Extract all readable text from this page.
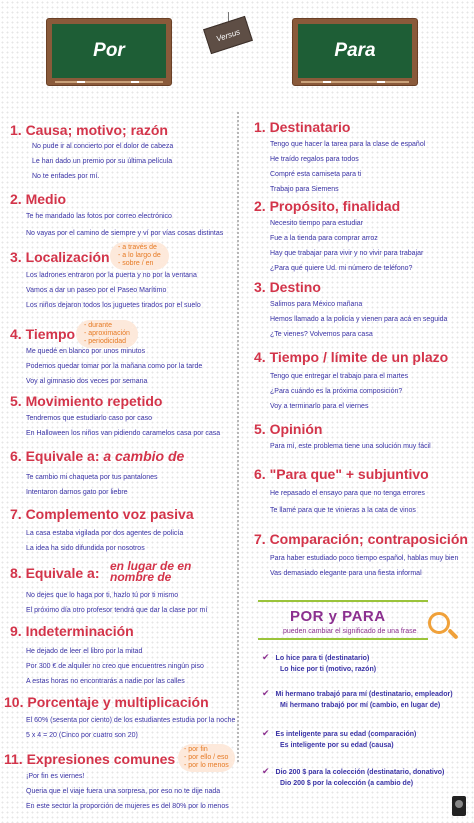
Por
Versus
Para
1. Causa; motivo; razón
No pude ir al concierto por el dolor de cabeza
Le han dado un premio por su última película
No te enfades por mí.
2. Medio
Te he mandado las fotos por correo electrónico
No vayas por el camino de siempre y ví por vías cosas distintas
3. Localización
Los ladrones entraron por la puerta y no por la ventana
Vamos a dar un paseo por el Paseo Marítimo
Los niños dejaron todos los juguetes tirados por el suelo
- a través de
- a lo largo de
- sobre / en
4. Tiempo
Me quedé en blanco por unos minutos
Podemos quedar tomar por la mañana como por la tarde
Voy al gimnasio dos veces por semana
- durante
- aproximación
- periodicidad
5. Movimiento repetido
Tendremos que estudiarlo caso por caso
En Halloween los niños van pidiendo caramelos casa por casa
6. Equivale a: a cambio de
Te cambio mi chaqueta por tus pantalones
Intentaron darnos gato por liebre
7. Complemento voz pasiva
La casa estaba vigilada por dos agentes de policía
La idea ha sido difundida por nosotros
8. Equivale a:
No dejes que lo haga por ti, hazlo tú por ti mismo
El próximo día otro profesor tendrá que dar la clase por mí
en lugar de en nombre de
9. Indeterminación
He dejado de leer el libro por la mitad
Por 300 € de alquiler no creo que encuentres ningún piso
A estas horas no encontrarás a nadie por las calles
10. Porcentaje y multiplicación
El 60% (sesenta por ciento) de los estudiantes estudia por la noche
5 x 4 = 20 (Cinco por cuatro son 20)
11. Expresiones comunes
¡Por fin es viernes!
Queria que el viaje fuera una sorpresa, por eso no te dije nada
En este sector la proporción de mujeres es del 80% por lo menos
- por fin
- por ello / eso
- por lo menos
1. Destinatario
Tengo que hacer la tarea para la clase de español
He traído regalos para todos
Compré esta camiseta para ti
Trabajo para Siemens
2. Propósito, finalidad
Necesito tiempo para estudiar
Fue a la tienda para comprar arroz
Hay que trabajar para vivir y no vivir para trabajar
¿Para qué quiere Ud. mi número de teléfono?
3. Destino
Salimos para México mañana
Hemos llamado a la policía y vienen para acá en seguida
¿Te vienes? Volvemos para casa
4. Tiempo / límite de un plazo
Tengo que entregar el trabajo para el martes
¿Para cuándo es la próxima composición?
Voy a terminarlo para el viernes
5. Opinión
Para mí, este problema tiene una solución muy fácil
6. "Para que" + subjuntivo
He repasado el ensayo para que no tenga errores
Te llamé para que te vinieras a la cata de vinos
7. Comparación; contraposición
Para haber estudiado poco tiempo español, hablas muy bien
Vas demasiado elegante para una fiesta informal
POR y PARA
pueden cambiar el significado de una frase
✔ Lo hice para ti (destinatario)
Lo hice por ti (motivo, razón)
✔ Mi hermano trabajó para mí (destinatario, empleador)
Mi hermano trabajó por mí (cambio, en lugar de)
✔ Es inteligente para su edad (comparación)
Es inteligente por su edad (causa)
✔ Dio 200 $ para la colección (destinatario, donativo)
Dio 200 $ por la colección (a cambio de)
